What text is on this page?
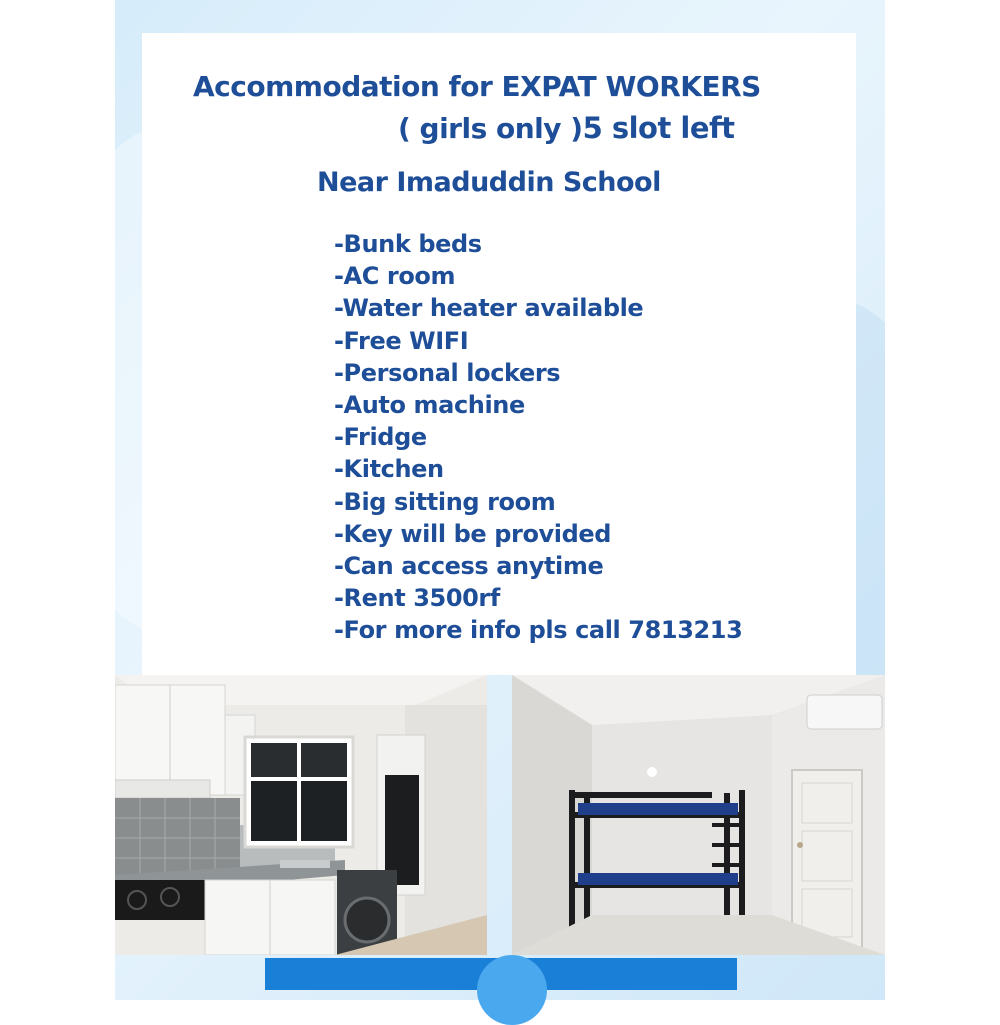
Accommodation for EXPAT WORKERS
( girls only )5 slot left
Near Imaduddin School
-Bunk beds
-AC room
-Water heater available
-Free WIFI
-Personal lockers
-Auto machine
-Fridge
-Kitchen
-Big sitting room
-Key will be provided
-Can access anytime
-Rent 3500rf
-For more info pls call 7813213
